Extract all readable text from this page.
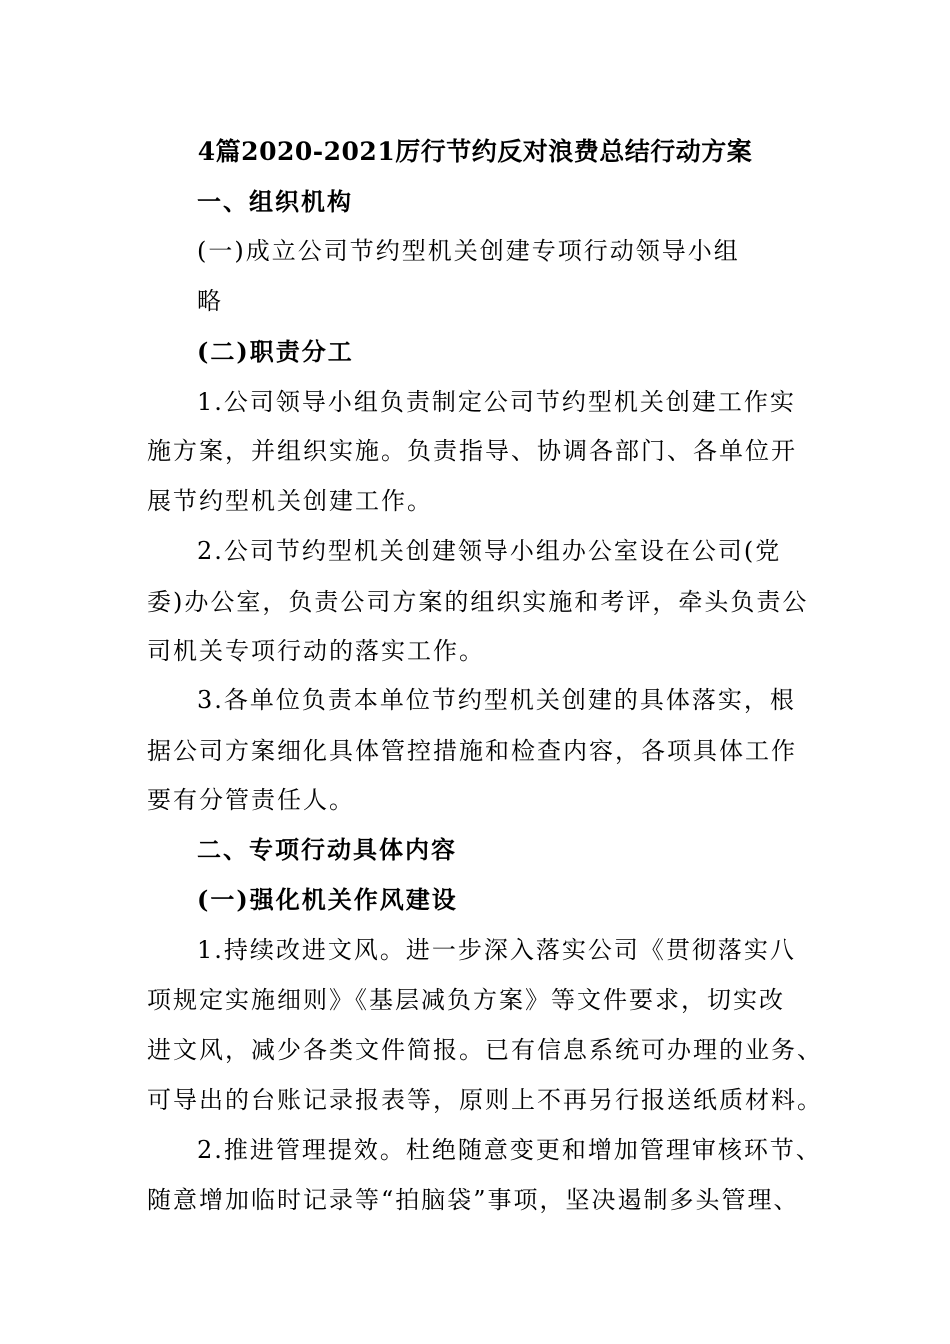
4篇2020-2021厉行节约反对浪费总结行动方案
一、组织机构
(一)成立公司节约型机关创建专项行动领导小组
略
(二)职责分工
1.公司领导小组负责制定公司节约型机关创建工作实
施方案，并组织实施。负责指导、协调各部门、各单位开
展节约型机关创建工作。
2.公司节约型机关创建领导小组办公室设在公司(党
委)办公室，负责公司方案的组织实施和考评，牵头负责公
司机关专项行动的落实工作。
3.各单位负责本单位节约型机关创建的具体落实，根
据公司方案细化具体管控措施和检查内容，各项具体工作
要有分管责任人。
二、专项行动具体内容
(一)强化机关作风建设
1.持续改进文风。进一步深入落实公司《贯彻落实八
项规定实施细则》《基层减负方案》等文件要求，切实改
进文风，减少各类文件简报。已有信息系统可办理的业务、
可导出的台账记录报表等，原则上不再另行报送纸质材料。
2.推进管理提效。杜绝随意变更和增加管理审核环节、
随意增加临时记录等“拍脑袋”事项，坚决遏制多头管理、
